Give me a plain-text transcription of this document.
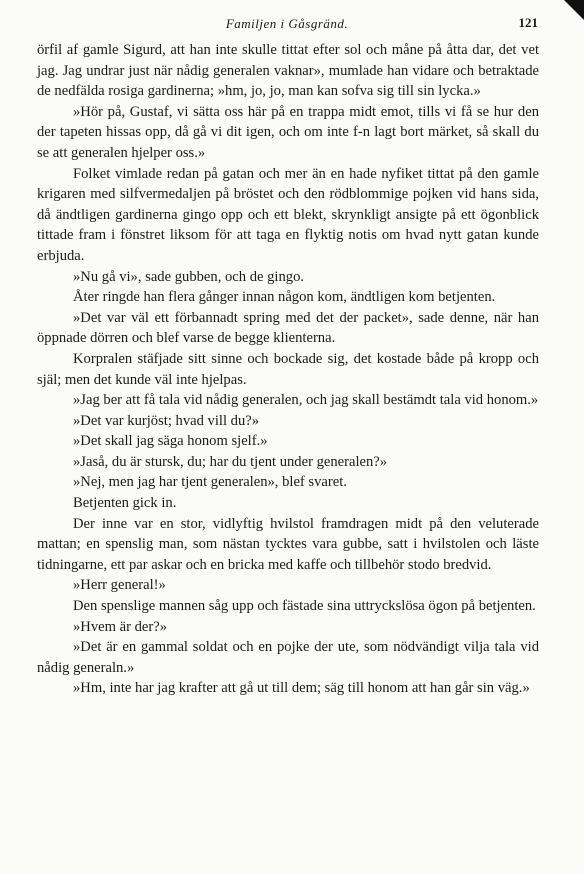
Familjen i Gåsgränd.	121

örfil af gamle Sigurd, att han inte skulle tittat efter sol och måne på åtta dar, det vet jag. Jag undrar just när nådig generalen vaknar», mumlade han vidare och betraktade de nedfälda rosiga gardinerna; »hm, jo, jo, man kan sofva sig till sin lycka.»

»Hör på, Gustaf, vi sätta oss här på en trappa midt emot, tills vi få se hur den der tapeten hissas opp, då gå vi dit igen, och om inte f-n lagt bort märket, så skall du se att generalen hjelper oss.»

Folket vimlade redan på gatan och mer än en hade nyfiket tittat på den gamle krigaren med silfvermedaljen på bröstet och den rödblommige pojken vid hans sida, då ändtligen gardinerna gingo opp och ett blekt, skrynkligt ansigte på ett ögonblick tittade fram i fönstret liksom för att taga en flyktig notis om hvad nytt gatan kunde erbjuda.

»Nu gå vi», sade gubben, och de gingo.

Åter ringde han flera gånger innan någon kom, ändtligen kom betjenten.

»Det var väl ett förbannadt spring med det der packet», sade denne, när han öppnade dörren och blef varse de begge klienterna.

Korpralen stäfjade sitt sinne och bockade sig, det kostade både på kropp och själ; men det kunde väl inte hjelpas.

»Jag ber att få tala vid nådig generalen, och jag skall bestämdt tala vid honom.»

»Det var kurjöst; hvad vill du?»

»Det skall jag säga honom sjelf.»

»Jaså, du är stursk, du; har du tjent under generalen?»

»Nej, men jag har tjent generalen», blef svaret.

Betjenten gick in.

Der inne var en stor, vidlyftig hvilstol framdragen midt på den veluterade mattan; en spenslig man, som nästan tycktes vara gubbe, satt i hvilstolen och läste tidningarne, ett par askar och en bricka med kaffe och tillbehör stodo bredvid.

»Herr general!»

Den spenslige mannen såg upp och fästade sina uttryckslösa ögon på betjenten.

»Hvem är der?»

»Det är en gammal soldat och en pojke der ute, som nödvändigt vilja tala vid nådig generaln.»

»Hm, inte har jag krafter att gå ut till dem; säg till honom att han går sin väg.»
